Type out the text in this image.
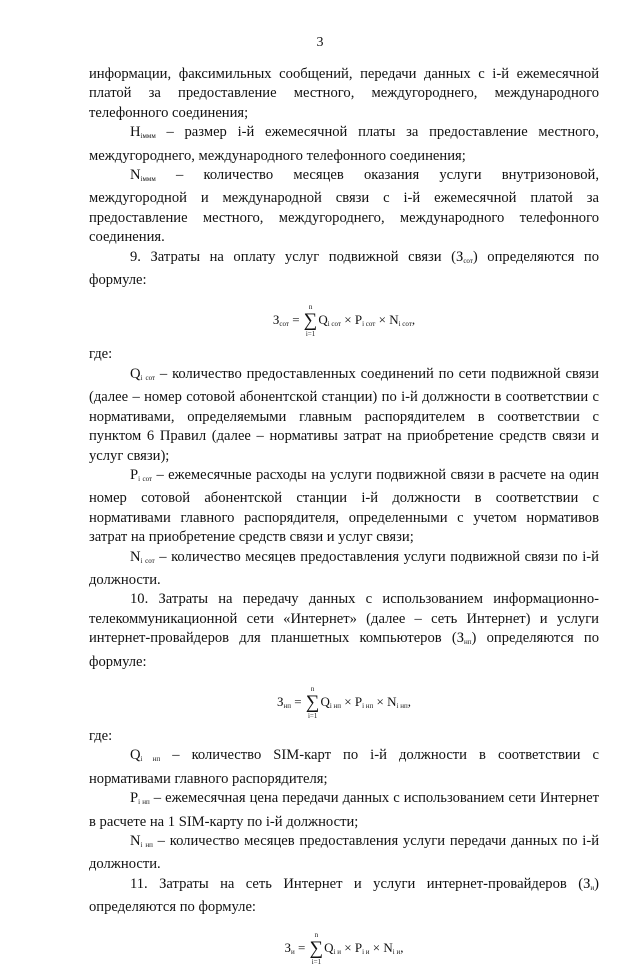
3

информации, факсимильных сообщений, передачи данных с i-й ежемесячной платой за предоставление местного, междугороднего, международного телефонного соединения;

$H_{iммм}$ – размер i-й ежемесячной платы за предоставление местного, междугороднего, международного телефонного соединения;

$N_{iммм}$ – количество месяцев оказания услуги внутризоновой, междугородной и международной связи с i-й ежемесячной платой за предоставление местного, междугороднего, международного телефонного соединения.

9. Затраты на оплату услуг подвижной связи $(З_{сот})$ определяются по формуле:

$З_{сот}$ =
n
∑
i=1
$Q_{i сот} \times P_{i сот} \times N_{i сот}$,

где:

$Q_{i сот}$ – количество предоставленных соединений по сети подвижной связи (далее – номер сотовой абонентской станции) по i-й должности в соответствии с нормативами, определяемыми главным распорядителем в соответствии с пунктом 6 Правил (далее – нормативы затрат на приобретение средств связи и услуг связи);

$P_{i сот}$ – ежемесячные расходы на услуги подвижной связи в расчете на один номер сотовой абонентской станции i-й должности в соответствии с нормативами главного распорядителя, определенными с учетом нормативов затрат на приобретение средств связи и услуг связи;

$N_{i сот}$ – количество месяцев предоставления услуги подвижной связи по i-й должности.

10. Затраты на передачу данных с использованием информационно-телекоммуникационной сети «Интернет» (далее – сеть Интернет) и услуги интернет-провайдеров для планшетных компьютеров $(З_{нп})$ определяются по формуле:

$З_{нп}$ =
n
∑
i=1
$Q_{i нп} \times P_{i нп} \times N_{i нп}$,

где:

$Q_{i нп}$ – количество SIM-карт по i-й должности в соответствии с нормативами главного распорядителя;

$P_{i нп}$ – ежемесячная цена передачи данных с использованием сети Интернет в расчете на 1 SIM-карту по i-й должности;

$N_{i нп}$ – количество месяцев предоставления услуги передачи данных по i-й должности.

11. Затраты на сеть Интернет и услуги интернет-провайдеров $(З_и)$ определяются по формуле:

$З_и$ =
n
∑
i=1
$Q_{i и} \times P_{i и} \times N_{i и}$,
